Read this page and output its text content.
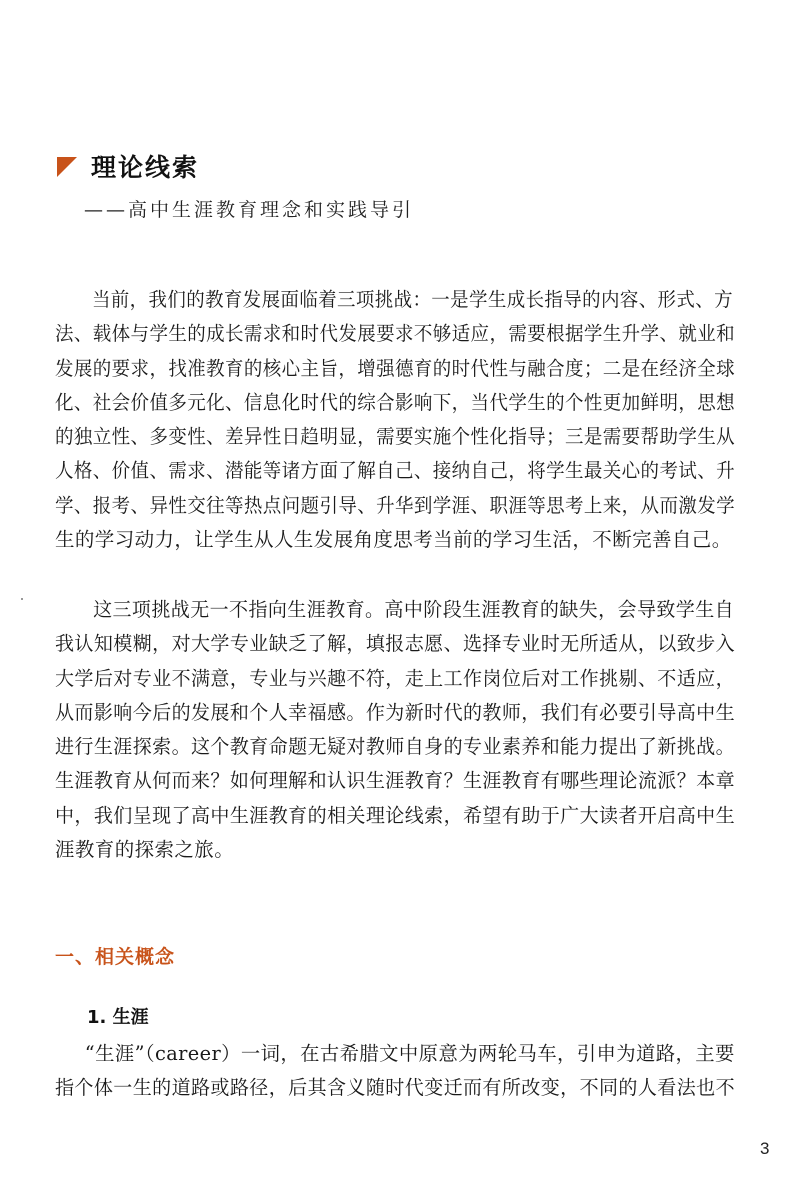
理论线索
——高中生涯教育理念和实践导引

当前，我们的教育发展面临着三项挑战：一是学生成长指导的内容、形式、方
法、载体与学生的成长需求和时代发展要求不够适应，需要根据学生升学、就业和
发展的要求，找准教育的核心主旨，增强德育的时代性与融合度；二是在经济全球
化、社会价值多元化、信息化时代的综合影响下，当代学生的个性更加鲜明，思想
的独立性、多变性、差异性日趋明显，需要实施个性化指导；三是需要帮助学生从
人格、价值、需求、潜能等诸方面了解自己、接纳自己，将学生最关心的考试、升
学、报考、异性交往等热点问题引导、升华到学涯、职涯等思考上来，从而激发学
生的学习动力，让学生从人生发展角度思考当前的学习生活，不断完善自己。

这三项挑战无一不指向生涯教育。高中阶段生涯教育的缺失，会导致学生自
我认知模糊，对大学专业缺乏了解，填报志愿、选择专业时无所适从，以致步入
大学后对专业不满意，专业与兴趣不符，走上工作岗位后对工作挑剔、不适应，
从而影响今后的发展和个人幸福感。作为新时代的教师，我们有必要引导高中生
进行生涯探索。这个教育命题无疑对教师自身的专业素养和能力提出了新挑战。
生涯教育从何而来？如何理解和认识生涯教育？生涯教育有哪些理论流派？本章
中，我们呈现了高中生涯教育的相关理论线索，希望有助于广大读者开启高中生
涯教育的探索之旅。

一、相关概念
1. 生涯

“生涯”（career）一词，在古希腊文中原意为两轮马车，引申为道路，主要
指个体一生的道路或路径，后其含义随时代变迁而有所改变，不同的人看法也不

3
